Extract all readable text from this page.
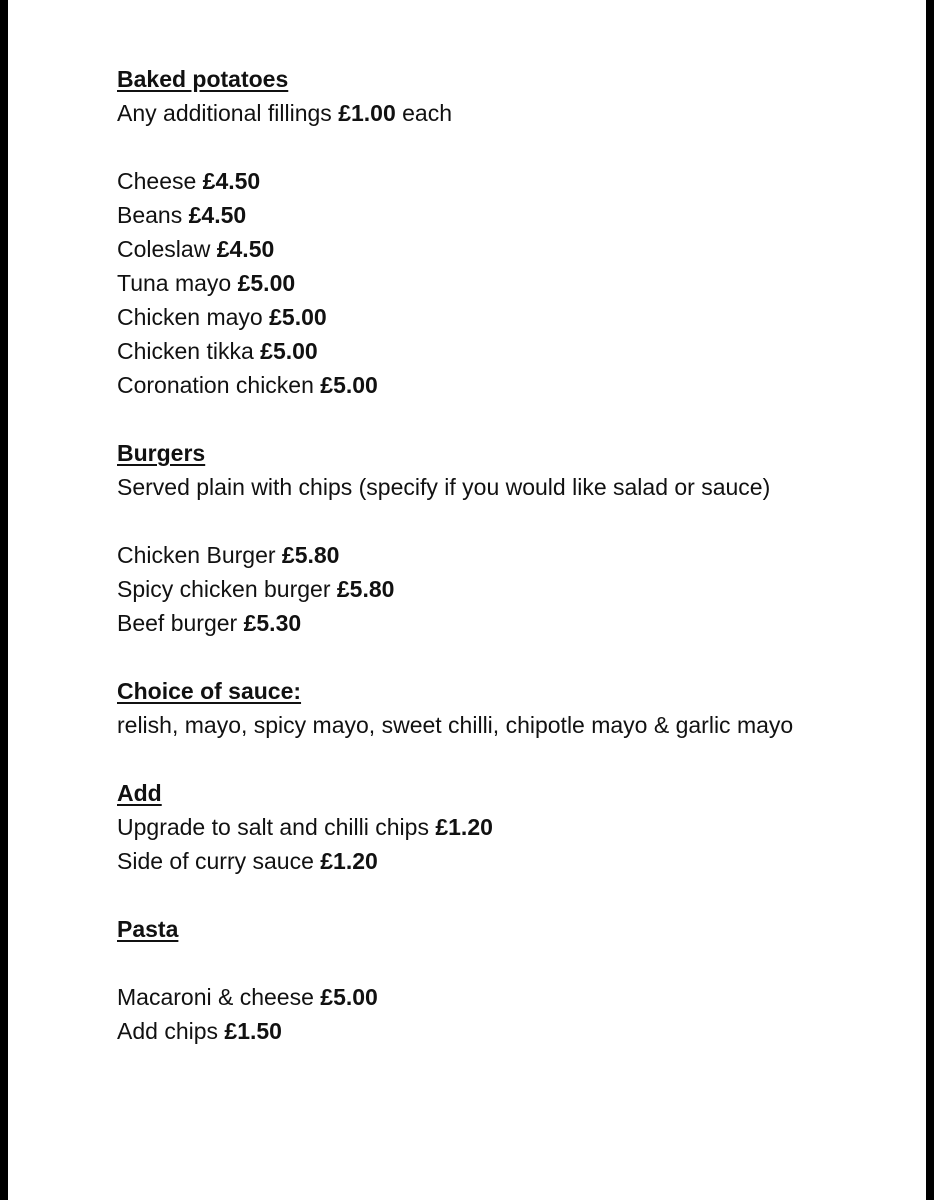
Baked potatoes
Any additional fillings £1.00 each
Cheese £4.50
Beans £4.50
Coleslaw £4.50
Tuna mayo £5.00
Chicken mayo £5.00
Chicken tikka £5.00
Coronation chicken £5.00
Burgers
Served plain with chips (specify if you would like salad or sauce)
Chicken Burger £5.80
Spicy chicken burger £5.80
Beef burger £5.30
Choice of sauce:
relish, mayo, spicy mayo, sweet chilli, chipotle mayo & garlic mayo
Add
Upgrade to salt and chilli chips £1.20
Side of curry sauce £1.20
Pasta
Macaroni & cheese £5.00
Add chips £1.50
